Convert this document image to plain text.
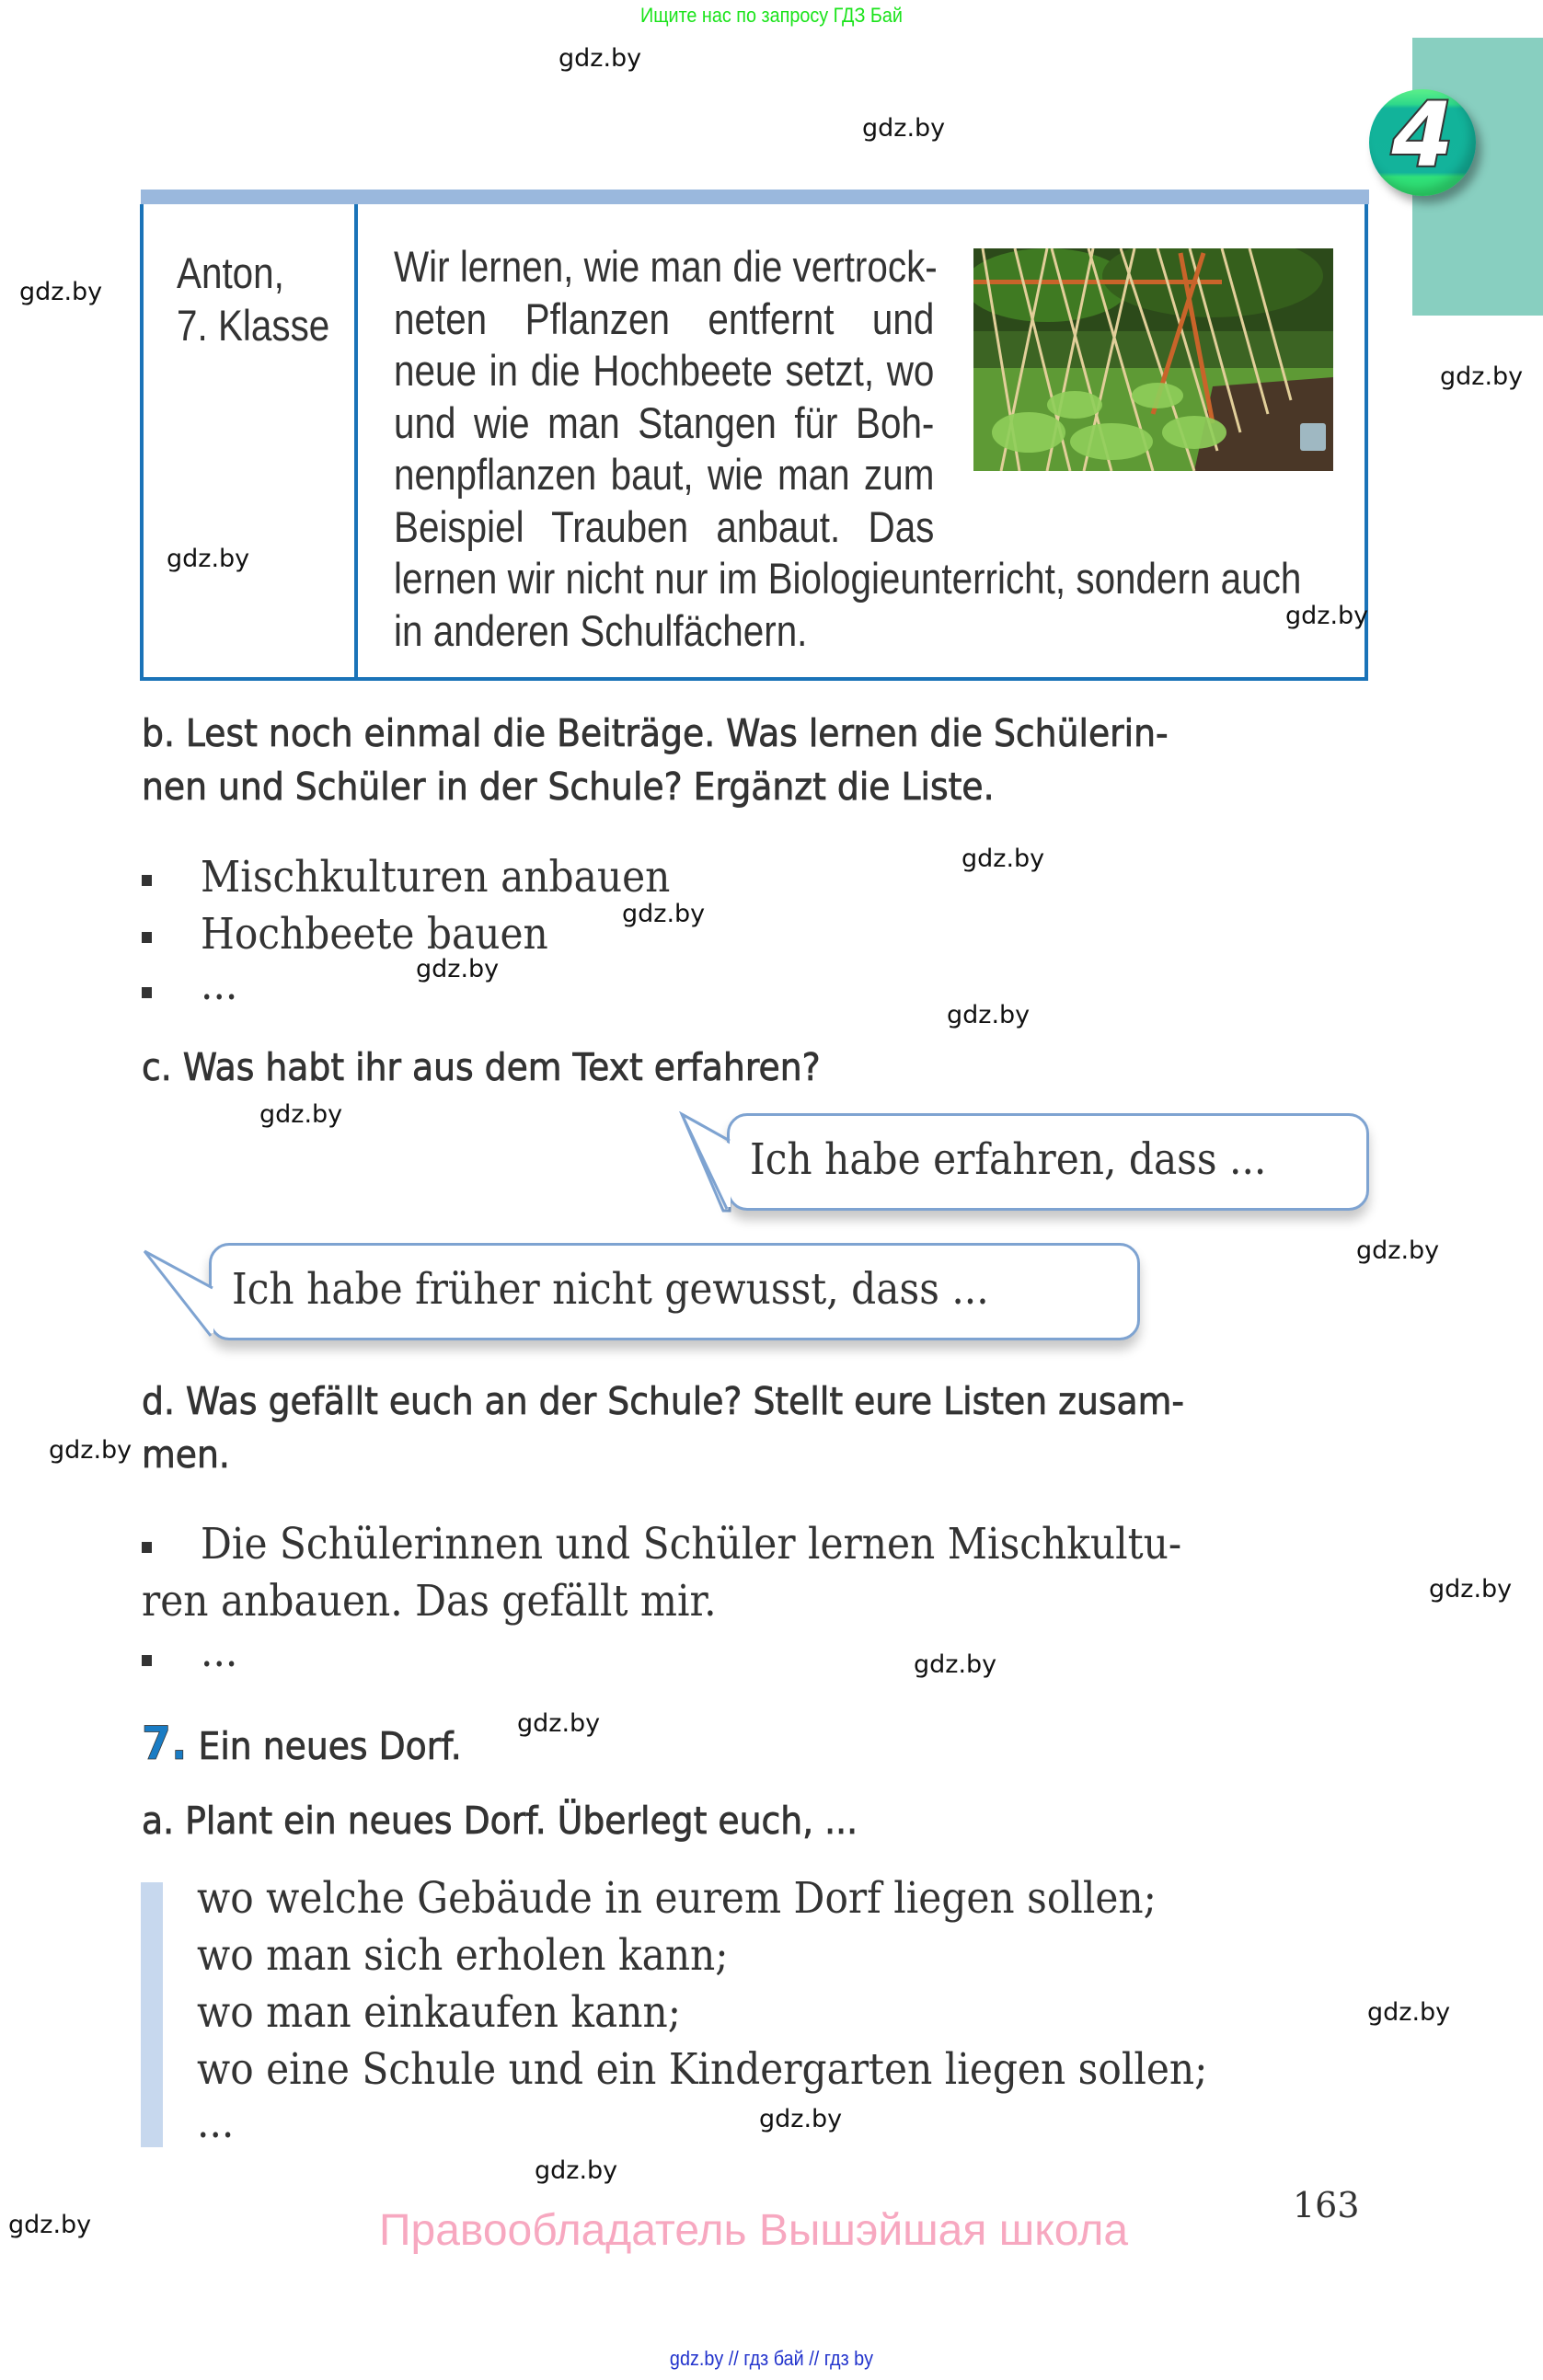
Ищите нас по запросу ГДЗ Бай
4
Anton,
7. Klasse
Wir lernen, wie man die vertrock-
neten Pflanzen entfernt und
neue in die Hochbeete setzt, wo
und wie man Stangen für Boh-
nenpflanzen baut, wie man zum
Beispiel Trauben anbaut. Das
lernen wir nicht nur im Biologieunterricht, sondern auch
in anderen Schulfächern.
b. Lest noch einmal die Beiträge. Was lernen die Schülerin-
nen und Schüler in der Schule? Ergänzt die Liste.
Mischkulturen anbauen
Hochbeete bauen
...
c. Was habt ihr aus dem Text erfahren?
Ich habe erfahren, dass ...
Ich habe früher nicht gewusst, dass ...
d. Was gefällt euch an der Schule? Stellt eure Listen zusam-
men.
Die Schülerinnen und Schüler lernen Mischkultu-
ren anbauen. Das gefällt mir.
...
7. Ein neues Dorf.
a. Plant ein neues Dorf. Überlegt euch, ...
wo welche Gebäude in eurem Dorf liegen sollen;
wo man sich erholen kann;
wo man einkaufen kann;
wo eine Schule und ein Kindergarten liegen sollen;
...
163
Правообладатель Вышэйшая школа
gdz.by // гдз бай // гдз by
gdz.by
gdz.by
gdz.by
gdz.by
gdz.by
gdz.by
gdz.by
gdz.by
gdz.by
gdz.by
gdz.by
gdz.by
gdz.by
gdz.by
gdz.by
gdz.by
gdz.by
gdz.by
gdz.by
gdz.by
